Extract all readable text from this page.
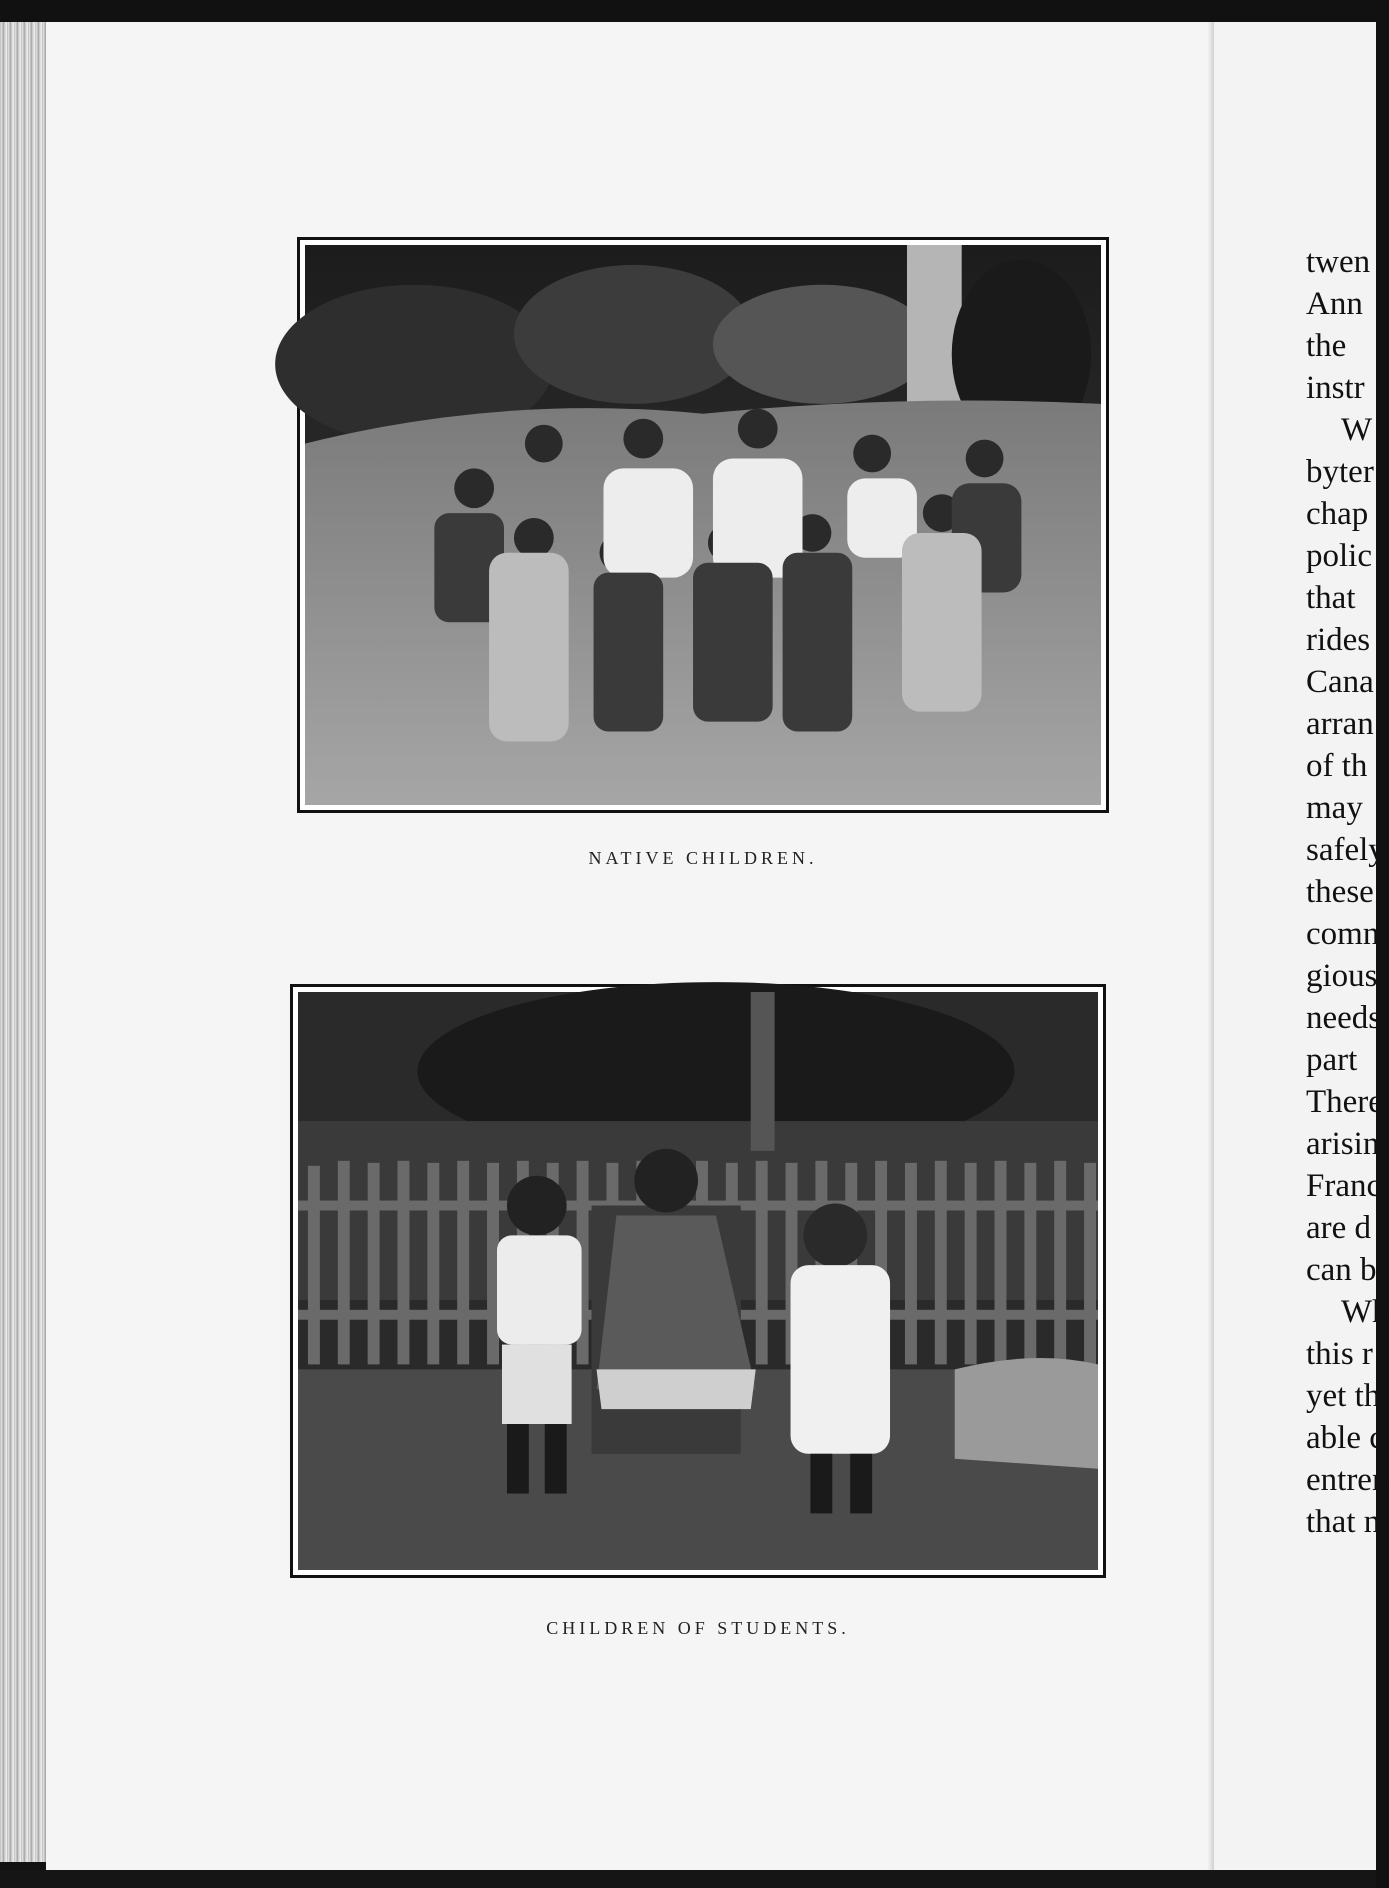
NATIVE CHILDREN.
CHILDREN OF STUDENTS.
twen
Ann
the
instr
W
byter
chap
polic
that
rides
Cana
arran
of th
may
safely
these
comn
gious
needs
part
There
arisin
Franc
are d
can b
Wh
this r
yet th
able c
entren
that n
